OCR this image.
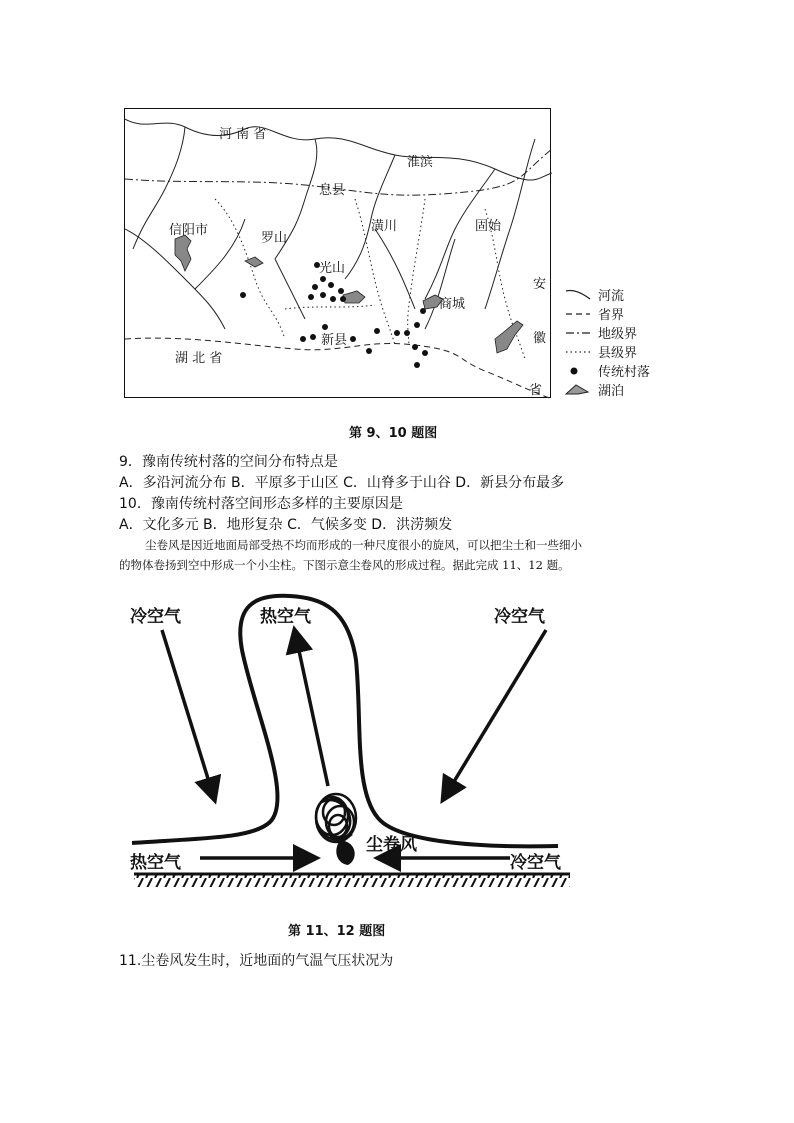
河 南 省
淮滨
息县
信阳市
罗山
潢川	固始
光山
商城
新县
湖 北 省
安
徽
省
河流
省界
地级界
县级界
传统村落
湖泊
第 9、10 题图
9．豫南传统村落的空间分布特点是
A．多沿河流分布 B．平原多于山区 C．山脊多于山谷 D．新县分布最多
10．豫南传统村落空间形态多样的主要原因是
A．文化多元 B．地形复杂 C．气候多变 D．洪涝频发
尘卷风是因近地面局部受热不均而形成的一种尺度很小的旋风，可以把尘土和一些细小
的物体卷扬到空中形成一个小尘柱。下图示意尘卷风的形成过程。据此完成 11、12 题。
冷空气	热空气	冷空气
尘卷风
热空气	冷空气
第 11、12 题图
11.尘卷风发生时，近地面的气温气压状况为
